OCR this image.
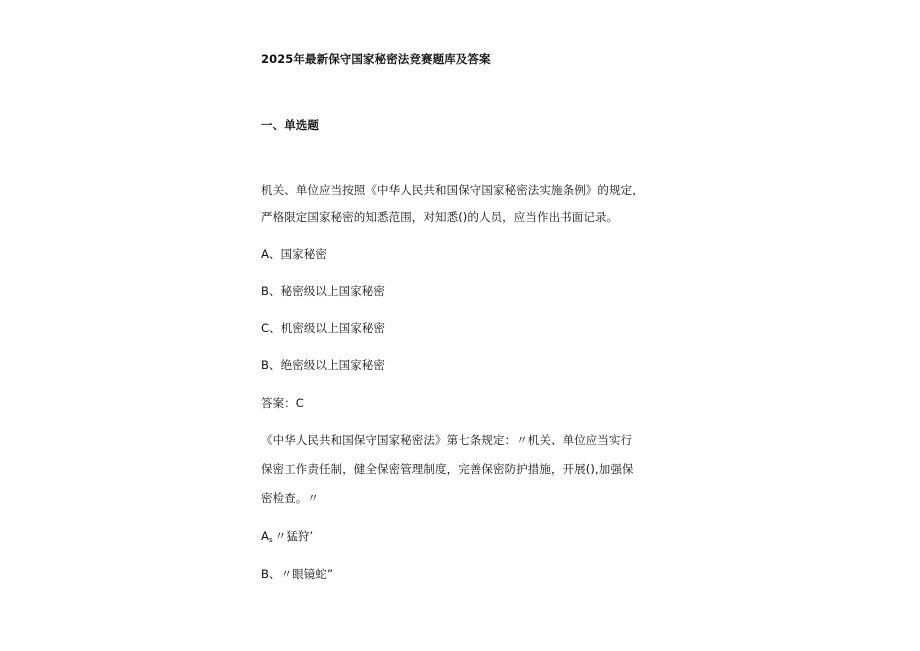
2025年最新保守国家秘密法竞赛题库及答案
一、单选题
机关、单位应当按照《中华人民共和国保守国家秘密法实施条例》的规定，
严格限定国家秘密的知悉范围，对知悉()的人员，应当作出书面记录。
A、国家秘密
B、秘密级以上国家秘密
C、机密级以上国家秘密
B、绝密级以上国家秘密
答案：C
《中华人民共和国保守国家秘密法》第七条规定：〃机关、单位应当实行
保密工作责任制，健全保密管理制度，完善保密防护措施，开展(),加强保
密检查。〃
$A_s$ 〃猛狩’
B、〃眼镜蛇”
